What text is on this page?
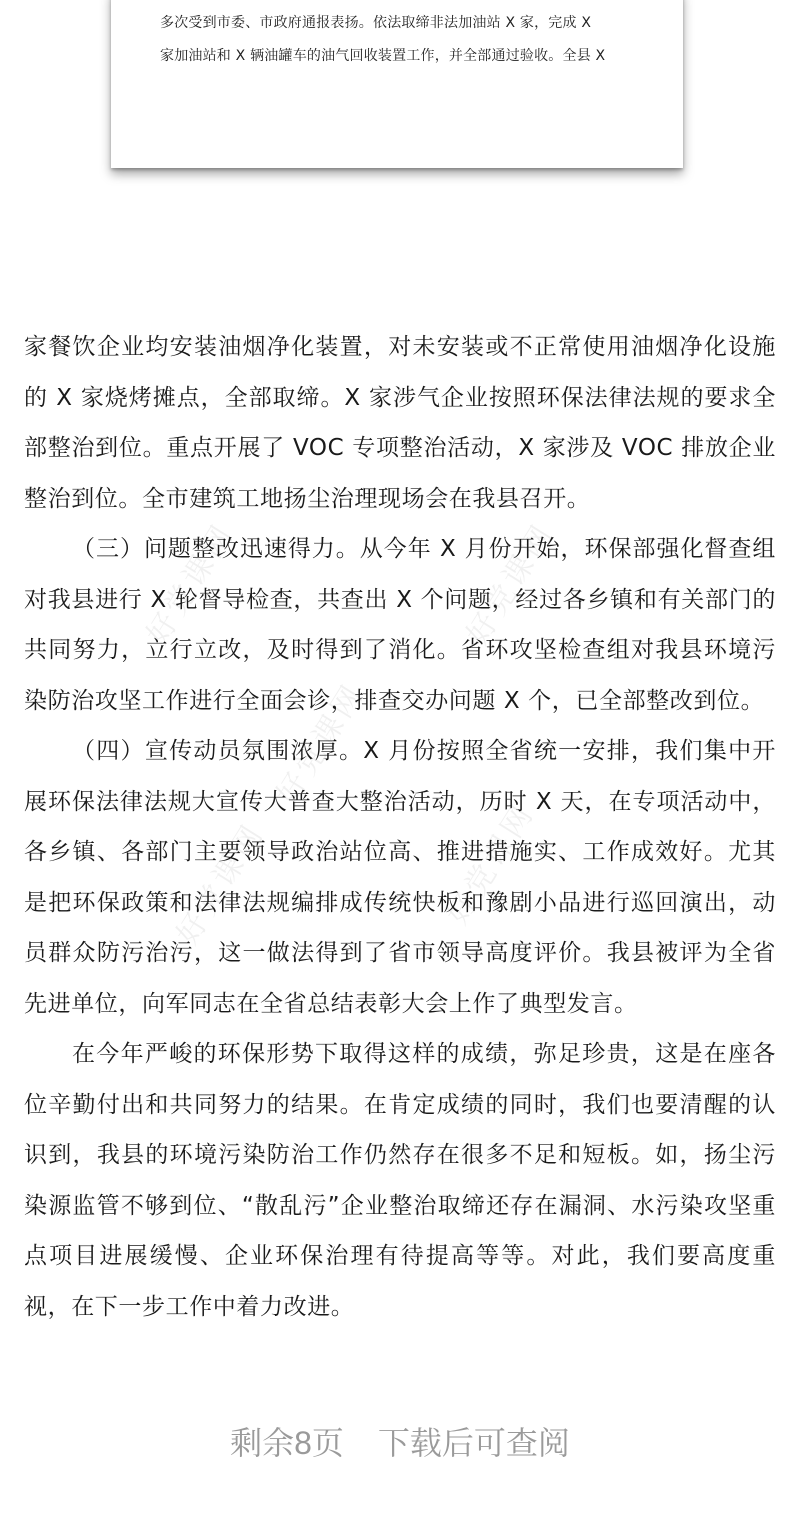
多次受到市委、市政府通报表扬。依法取缔非法加油站 X 家，完成 X
家加油站和 X 辆油罐车的油气回收装置工作，并全部通过验收。全县 X
好党课网	好党课网
好党课网
好党课网	好党课网

家餐饮企业均安装油烟净化装置，对未安装或不正常使用油烟净化设施的 X 家烧烤摊点，全部取缔。X 家涉气企业按照环保法律法规的要求全部整治到位。重点开展了 VOC 专项整治活动，X 家涉及 VOC 排放企业整治到位。全市建筑工地扬尘治理现场会在我县召开。

（三）问题整改迅速得力。从今年 X 月份开始，环保部强化督查组对我县进行 X 轮督导检查，共查出 X 个问题，经过各乡镇和有关部门的共同努力，立行立改，及时得到了消化。省环攻坚检查组对我县环境污染防治攻坚工作进行全面会诊，排查交办问题 X 个，已全部整改到位。

（四）宣传动员氛围浓厚。X 月份按照全省统一安排，我们集中开展环保法律法规大宣传大普查大整治活动，历时 X 天，在专项活动中，各乡镇、各部门主要领导政治站位高、推进措施实、工作成效好。尤其是把环保政策和法律法规编排成传统快板和豫剧小品进行巡回演出，动员群众防污治污，这一做法得到了省市领导高度评价。我县被评为全省先进单位，向军同志在全省总结表彰大会上作了典型发言。

在今年严峻的环保形势下取得这样的成绩，弥足珍贵，这是在座各位辛勤付出和共同努力的结果。在肯定成绩的同时，我们也要清醒的认识到，我县的环境污染防治工作仍然存在很多不足和短板。如，扬尘污染源监管不够到位、“散乱污”企业整治取缔还存在漏洞、水污染攻坚重点项目进展缓慢、企业环保治理有待提高等等。对此，我们要高度重视，在下一步工作中着力改进。

剩余8页 下载后可查阅
